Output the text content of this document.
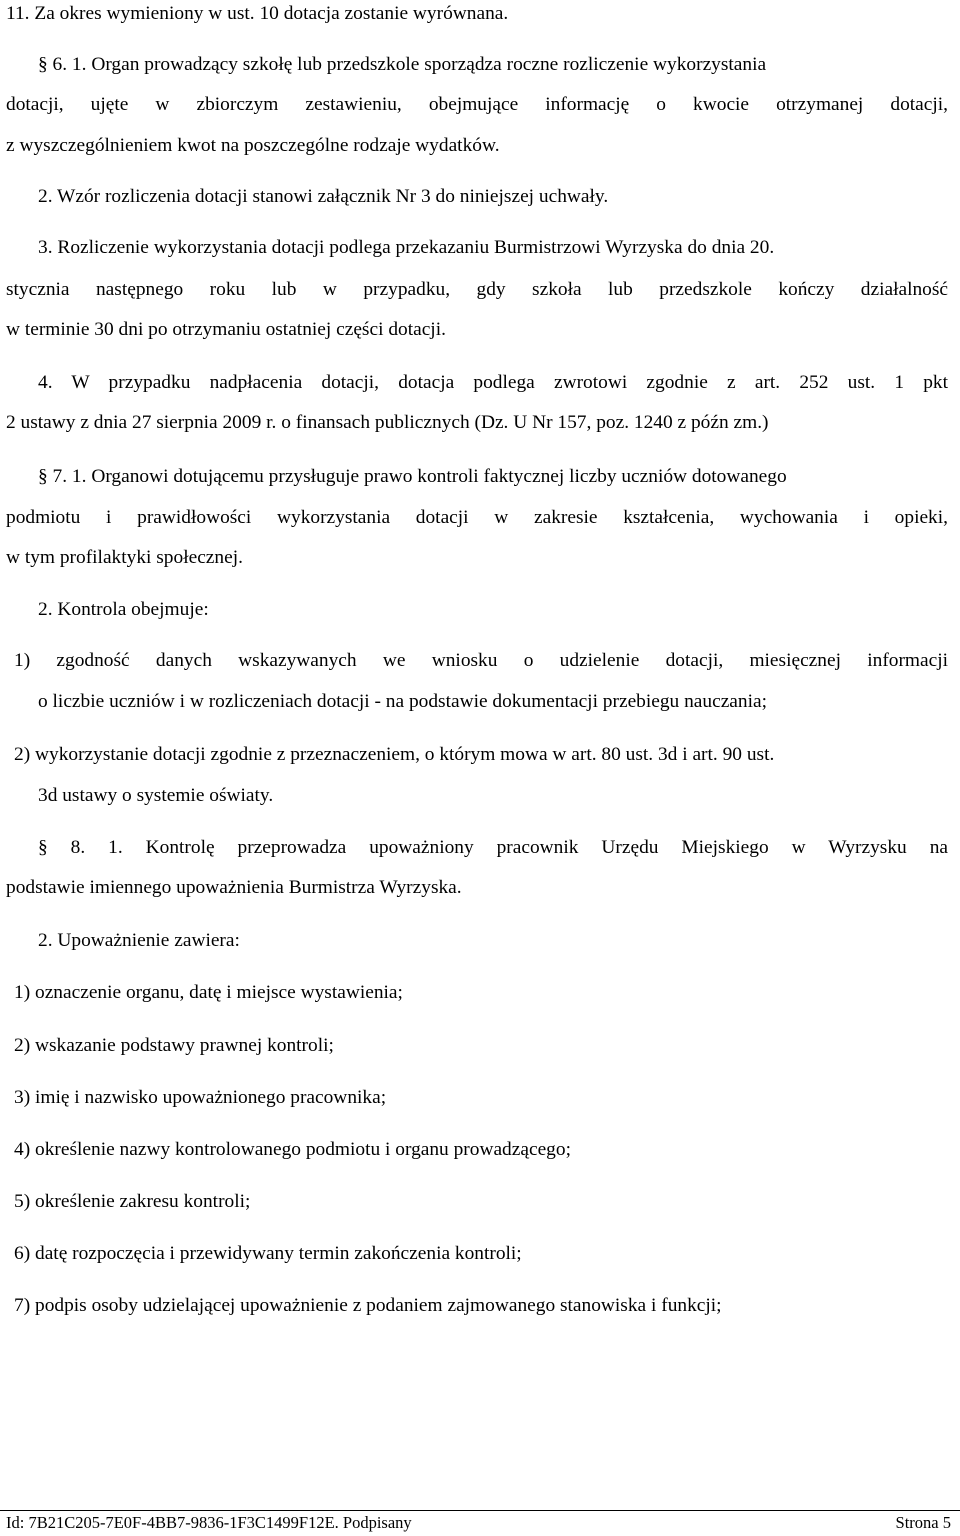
11. Za okres wymieniony w ust. 10 dotacja zostanie wyrównana.
§ 6. 1. Organ prowadzący szkołę lub przedszkole sporządza roczne rozliczenie wykorzystania
dotacji, ujęte w zbiorczym zestawieniu, obejmujące informację o kwocie otrzymanej dotacji,
z wyszczególnieniem kwot na poszczególne rodzaje wydatków.
2. Wzór rozliczenia dotacji stanowi załącznik Nr 3 do niniejszej uchwały.
3. Rozliczenie wykorzystania dotacji podlega przekazaniu Burmistrzowi Wyrzyska do dnia 20.
stycznia następnego roku lub w przypadku, gdy szkoła lub przedszkole kończy działalność
w terminie 30 dni po otrzymaniu ostatniej części dotacji.
4. W przypadku nadpłacenia dotacji, dotacja podlega zwrotowi zgodnie z art. 252 ust. 1 pkt
2 ustawy z dnia 27 sierpnia 2009 r. o finansach publicznych (Dz. U Nr 157, poz. 1240 z późn zm.)
§ 7. 1. Organowi dotującemu przysługuje prawo kontroli faktycznej liczby uczniów dotowanego
podmiotu i prawidłowości wykorzystania dotacji w zakresie kształcenia, wychowania i opieki,
w tym profilaktyki społecznej.
2. Kontrola obejmuje:
1) zgodność danych wskazywanych we wniosku o udzielenie dotacji, miesięcznej informacji
o liczbie uczniów i w rozliczeniach dotacji - na podstawie dokumentacji przebiegu nauczania;
2) wykorzystanie dotacji zgodnie z przeznaczeniem, o którym mowa w art. 80 ust. 3d i art. 90 ust.
3d ustawy o systemie oświaty.
§ 8. 1. Kontrolę przeprowadza upoważniony pracownik Urzędu Miejskiego w Wyrzysku na
podstawie imiennego upoważnienia Burmistrza Wyrzyska.
2. Upoważnienie zawiera:
1) oznaczenie organu, datę i miejsce wystawienia;
2) wskazanie podstawy prawnej kontroli;
3) imię i nazwisko upoważnionego pracownika;
4) określenie nazwy kontrolowanego podmiotu i organu prowadzącego;
5) określenie zakresu kontroli;
6) datę rozpoczęcia i przewidywany termin zakończenia kontroli;
7) podpis osoby udzielającej upoważnienie z podaniem zajmowanego stanowiska i funkcji;
Id: 7B21C205-7E0F-4BB7-9836-1F3C1499F12E. Podpisany	Strona 5
